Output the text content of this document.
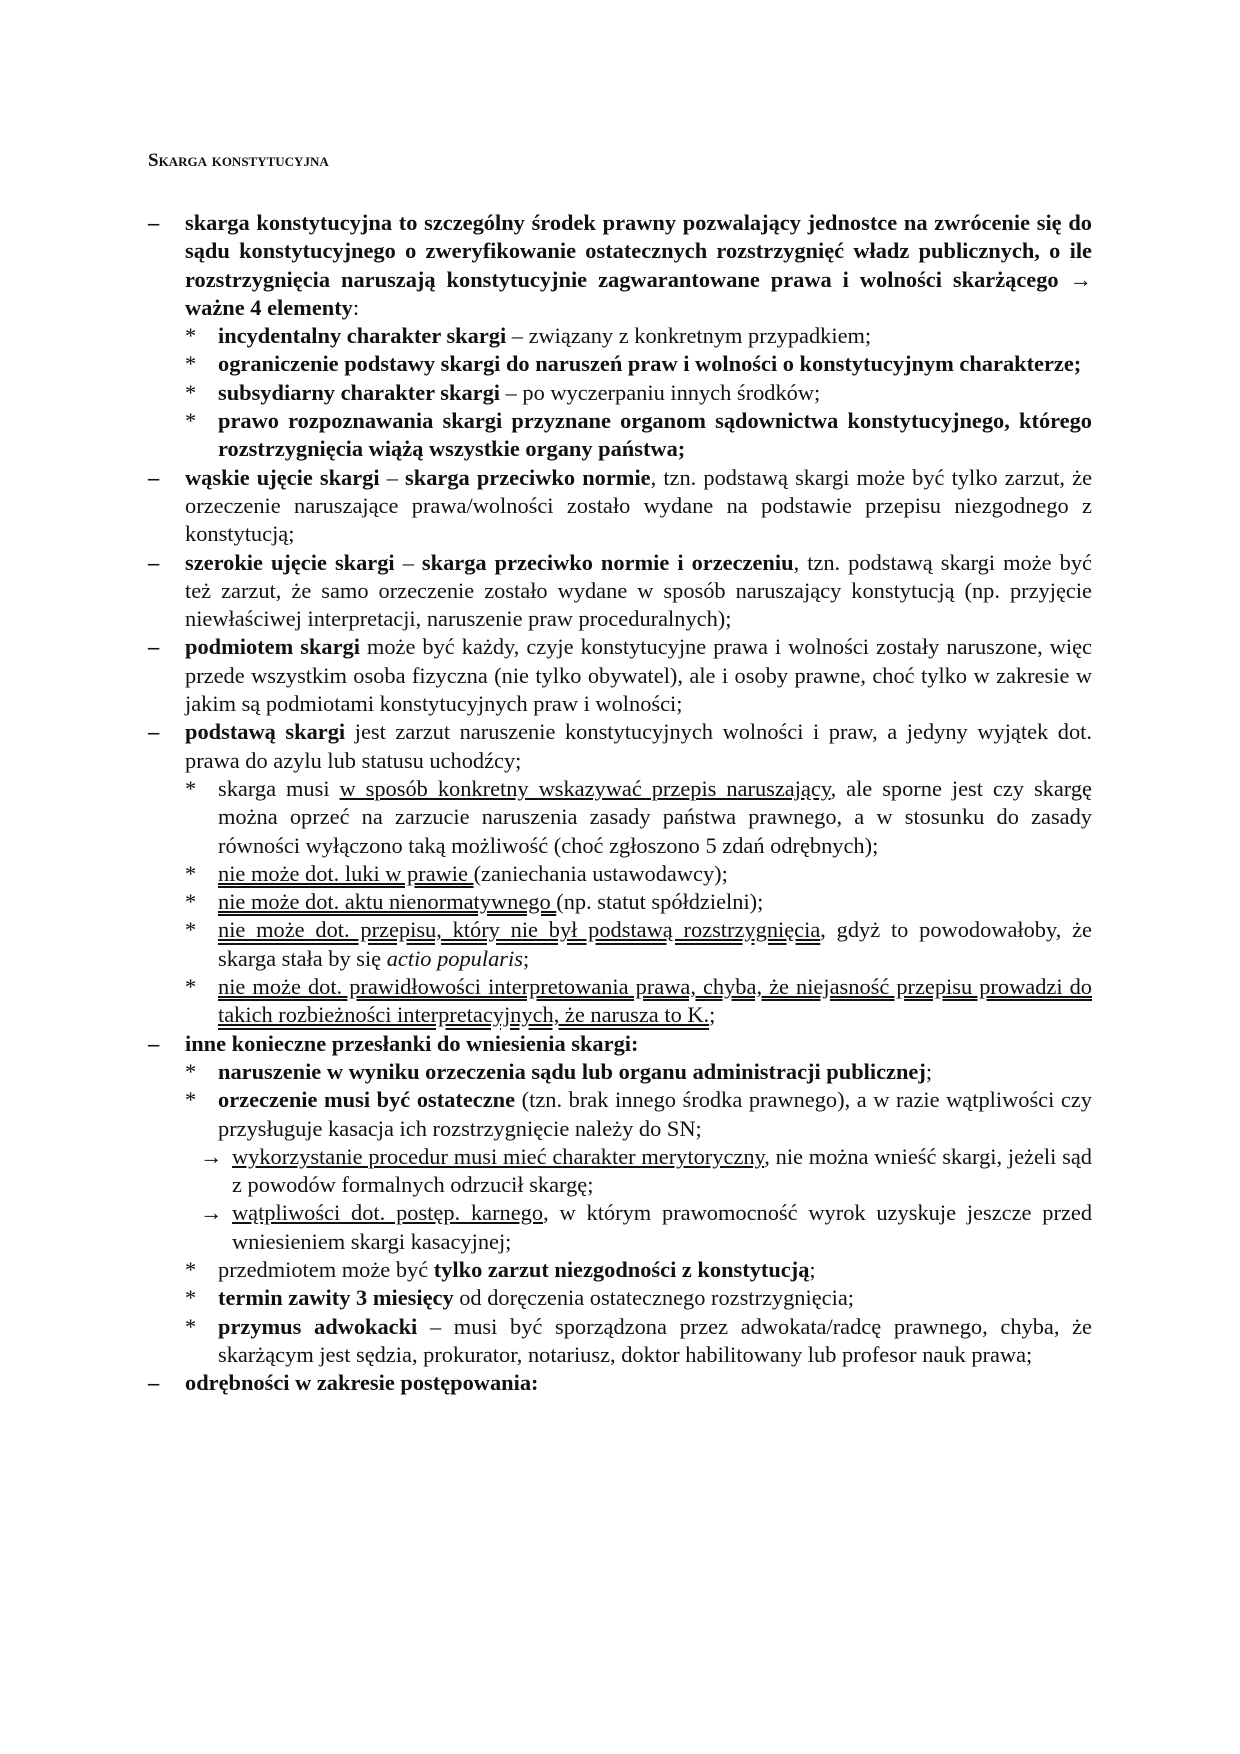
Skarga konstytucyjna
– skarga konstytucyjna to szczególny środek prawny pozwalający jednostce na zwrócenie się do sądu konstytucyjnego o zweryfikowanie ostatecznych rozstrzygnięć władz publicznych, o ile rozstrzygnięcia naruszają konstytucyjnie zagwarantowane prawa i wolności skarżącego → ważne 4 elementy:
* incydentalny charakter skargi – związany z konkretnym przypadkiem;
* ograniczenie podstawy skargi do naruszeń praw i wolności o konstytucyjnym charakterze;
* subsydiarny charakter skargi – po wyczerpaniu innych środków;
* prawo rozpoznawania skargi przyznane organom sądownictwa konstytucyjnego, którego rozstrzygnięcia wiążą wszystkie organy państwa;
– wąskie ujęcie skargi – skarga przeciwko normie, tzn. podstawą skargi może być tylko zarzut, że orzeczenie naruszające prawa/wolności zostało wydane na podstawie przepisu niezgodnego z konstytucją;
– szerokie ujęcie skargi – skarga przeciwko normie i orzeczeniu, tzn. podstawą skargi może być też zarzut, że samo orzeczenie zostało wydane w sposób naruszający konstytucją (np. przyjęcie niewłaściwej interpretacji, naruszenie praw proceduralnych);
– podmiotem skargi może być każdy, czyje konstytucyjne prawa i wolności zostały naruszone, więc przede wszystkim osoba fizyczna (nie tylko obywatel), ale i osoby prawne, choć tylko w zakresie w jakim są podmiotami konstytucyjnych praw i wolności;
– podstawą skargi jest zarzut naruszenie konstytucyjnych wolności i praw, a jedyny wyjątek dot. prawa do azylu lub statusu uchodźcy;
* skarga musi w sposób konkretny wskazywać przepis naruszający, ale sporne jest czy skargę można oprzeć na zarzucie naruszenia zasady państwa prawnego, a w stosunku do zasady równości wyłączono taką możliwość (choć zgłoszono 5 zdań odrębnych);
* nie może dot. luki w prawie (zaniechania ustawodawcy);
* nie może dot. aktu nienormatywnego (np. statut spółdzielni);
* nie może dot. przepisu, który nie był podstawą rozstrzygnięcia, gdyż to powodowałoby, że skarga stała by się actio popularis;
* nie może dot. prawidłowości interpretowania prawa, chyba, że niejasność przepisu prowadzi do takich rozbieżności interpretacyjnych, że narusza to K.;
– inne konieczne przesłanki do wniesienia skargi:
* naruszenie w wyniku orzeczenia sądu lub organu administracji publicznej;
* orzeczenie musi być ostateczne (tzn. brak innego środka prawnego), a w razie wątpliwości czy przysługuje kasacja ich rozstrzygnięcie należy do SN;
→ wykorzystanie procedur musi mieć charakter merytoryczny, nie można wnieść skargi, jeżeli sąd z powodów formalnych odrzucił skargę;
→ wątpliwości dot. postęp. karnego, w którym prawomocność wyrok uzyskuje jeszcze przed wniesieniem skargi kasacyjnej;
* przedmiotem może być tylko zarzut niezgodności z konstytucją;
* termin zawity 3 miesięcy od doręczenia ostatecznego rozstrzygnięcia;
* przymus adwokacki – musi być sporządzona przez adwokata/radcę prawnego, chyba, że skarżącym jest sędzia, prokurator, notariusz, doktor habilitowany lub profesor nauk prawa;
– odrębności w zakresie postępowania:
